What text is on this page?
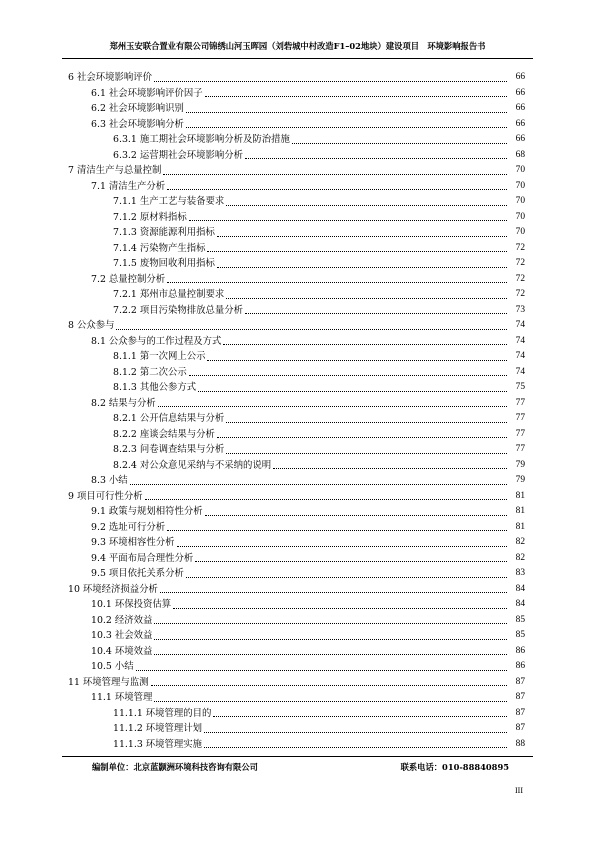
郑州玉安联合置业有限公司锦绣山河玉晖园（刘砦城中村改造F1–02地块）建设项目　环境影响报告书
6 社会环境影响评价	66
6.1 社会环境影响评价因子	66
6.2 社会环境影响识别	66
6.3 社会环境影响分析	66
6.3.1 施工期社会环境影响分析及防治措施	66
6.3.2 运营期社会环境影响分析	68
7 清洁生产与总量控制	70
7.1 清洁生产分析	70
7.1.1 生产工艺与装备要求	70
7.1.2 原材料指标	70
7.1.3 资源能源利用指标	70
7.1.4 污染物产生指标	72
7.1.5 废物回收利用指标	72
7.2 总量控制分析	72
7.2.1 郑州市总量控制要求	72
7.2.2 项目污染物排放总量分析	73
8 公众参与	74
8.1 公众参与的工作过程及方式	74
8.1.1 第一次网上公示	74
8.1.2 第二次公示	74
8.1.3 其他公参方式	75
8.2 结果与分析	77
8.2.1 公开信息结果与分析	77
8.2.2 座谈会结果与分析	77
8.2.3 问卷调查结果与分析	77
8.2.4 对公众意见采纳与不采纳的说明	79
8.3 小结	79
9 项目可行性分析	81
9.1 政策与规划相符性分析	81
9.2 选址可行分析	81
9.3 环境相容性分析	82
9.4 平面布局合理性分析	82
9.5 项目依托关系分析	83
10 环境经济损益分析	84
10.1 环保投资估算	84
10.2 经济效益	85
10.3 社会效益	85
10.4 环境效益	86
10.5 小结	86
11 环境管理与监测	87
11.1 环境管理	87
11.1.1 环境管理的目的	87
11.1.2 环境管理计划	87
11.1.3 环境管理实施	88
编制单位：北京蓝颢洲环境科技咨询有限公司	联系电话：010-88840895
III
